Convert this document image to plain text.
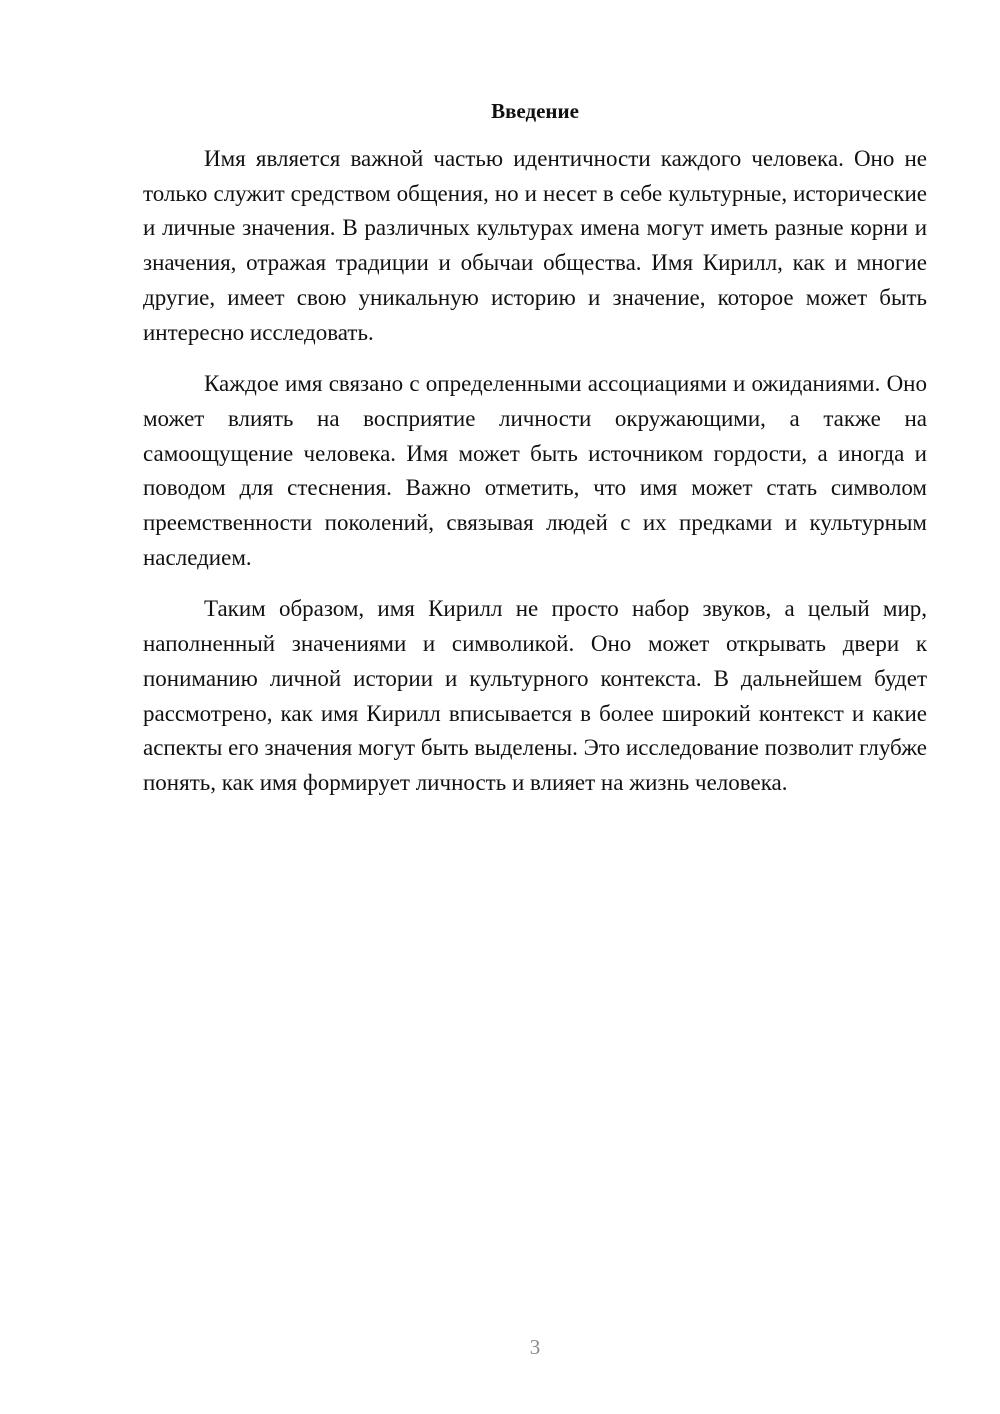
Введение

Имя является важной частью идентичности каждого человека. Оно не только служит средством общения, но и несет в себе культурные, исторические и личные значения. В различных культурах имена могут иметь разные корни и значения, отражая традиции и обычаи общества. Имя Кирилл, как и многие другие, имеет свою уникальную историю и значение, которое может быть интересно исследовать.

Каждое имя связано с определенными ассоциациями и ожиданиями. Оно может влиять на восприятие личности окружающими, а также на самоощущение человека. Имя может быть источником гордости, а иногда и поводом для стеснения. Важно отметить, что имя может стать символом преемственности поколений, связывая людей с их предками и культурным наследием.

Таким образом, имя Кирилл не просто набор звуков, а целый мир, наполненный значениями и символикой. Оно может открывать двери к пониманию личной истории и культурного контекста. В дальнейшем будет рассмотрено, как имя Кирилл вписывается в более широкий контекст и какие аспекты его значения могут быть выделены. Это исследование позволит глубже понять, как имя формирует личность и влияет на жизнь человека.

3
